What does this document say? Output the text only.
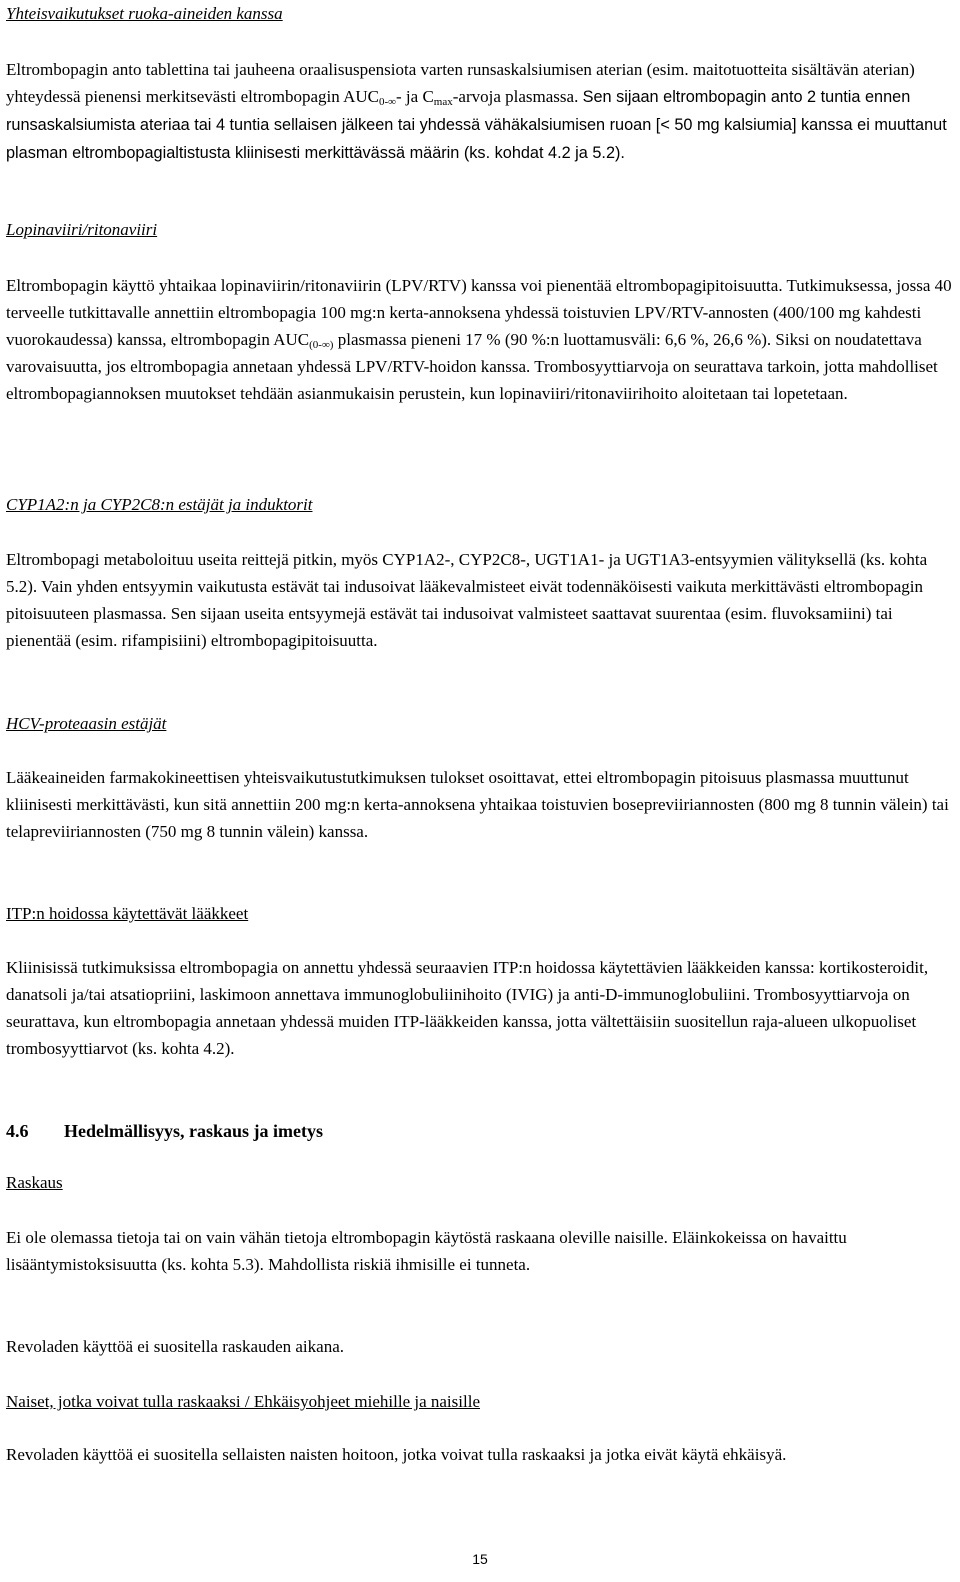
Yhteisvaikutukset ruoka-aineiden kanssa

Eltrombopagin anto tablettina tai jauheena oraalisuspensiota varten runsaskalsiumisen aterian (esim. maitotuotteita sisältävän aterian) yhteydessä pienensi merkitsevästi eltrombopagin $AUC_{0-\infty}-$ ja $C_{max}$-arvoja plasmassa. Sen sijaan eltrombopagin anto 2 tuntia ennen runsaskalsiumista ateriaa tai 4 tuntia sellaisen jälkeen tai yhdessä vähäkalsiumisen ruoan [< 50 mg kalsiumia] kanssa ei muuttanut plasman eltrombopagialtistusta kliinisesti merkittävässä määrin (ks. kohdat 4.2 ja 5.2).

Lopinaviiri/ritonaviiri

Eltrombopagin käyttö yhtaikaa lopinaviirin/ritonaviirin (LPV/RTV) kanssa voi pienentää eltrombopagipitoisuutta. Tutkimuksessa, jossa 40 terveelle tutkittavalle annettiin eltrombopagia 100 mg:n kerta-annoksena yhdessä toistuvien LPV/RTV-annosten (400/100 mg kahdesti vuorokaudessa) kanssa, eltrombopagin $AUC_{(0-\infty)}$ plasmassa pieneni 17 % (90 %:n luottamusväli: 6,6 %, 26,6 %). Siksi on noudatettava varovaisuutta, jos eltrombopagia annetaan yhdessä LPV/RTV-hoidon kanssa. Trombosyyttiarvoja on seurattava tarkoin, jotta mahdolliset eltrombopagiannoksen muutokset tehdään asianmukaisin perustein, kun lopinaviiri/ritonaviirihoito aloitetaan tai lopetetaan.

CYP1A2:n ja CYP2C8:n estäjät ja induktorit

Eltrombopagi metaboloituu useita reittejä pitkin, myös CYP1A2-, CYP2C8-, UGT1A1- ja UGT1A3-entsyymien välityksellä (ks. kohta 5.2). Vain yhden entsyymin vaikutusta estävät tai indusoivat lääkevalmisteet eivät todennäköisesti vaikuta merkittävästi eltrombopagin pitoisuuteen plasmassa. Sen sijaan useita entsyymejä estävät tai indusoivat valmisteet saattavat suurentaa (esim. fluvoksamiini) tai pienentää (esim. rifampisiini) eltrombopagipitoisuutta.

HCV-proteaasin estäjät

Lääkeaineiden farmakokineettisen yhteisvaikutustutkimuksen tulokset osoittavat, ettei eltrombopagin pitoisuus plasmassa muuttunut kliinisesti merkittävästi, kun sitä annettiin 200 mg:n kerta-annoksena yhtaikaa toistuvien bosepreviiriannosten (800 mg 8 tunnin välein) tai telapreviiriannosten (750 mg 8 tunnin välein) kanssa.

ITP:n hoidossa käytettävät lääkkeet

Kliinisissä tutkimuksissa eltrombopagia on annettu yhdessä seuraavien ITP:n hoidossa käytettävien lääkkeiden kanssa: kortikosteroidit, danatsoli ja/tai atsatiopriini, laskimoon annettava immunoglobuliinihoito (IVIG) ja anti-D-immunoglobuliini. Trombosyyttiarvoja on seurattava, kun eltrombopagia annetaan yhdessä muiden ITP-lääkkeiden kanssa, jotta vältettäisiin suositellun raja-alueen ulkopuoliset trombosyyttiarvot (ks. kohta 4.2).

4.6 Hedelmällisyys, raskaus ja imetys

Raskaus

Ei ole olemassa tietoja tai on vain vähän tietoja eltrombopagin käytöstä raskaana oleville naisille. Eläinkokeissa on havaittu lisääntymistoksisuutta (ks. kohta 5.3). Mahdollista riskiä ihmisille ei tunneta.

Revoladen käyttöä ei suositella raskauden aikana.

Naiset, jotka voivat tulla raskaaksi / Ehkäisyohjeet miehille ja naisille

Revoladen käyttöä ei suositella sellaisten naisten hoitoon, jotka voivat tulla raskaaksi ja jotka eivät käytä ehkäisyä.

15
